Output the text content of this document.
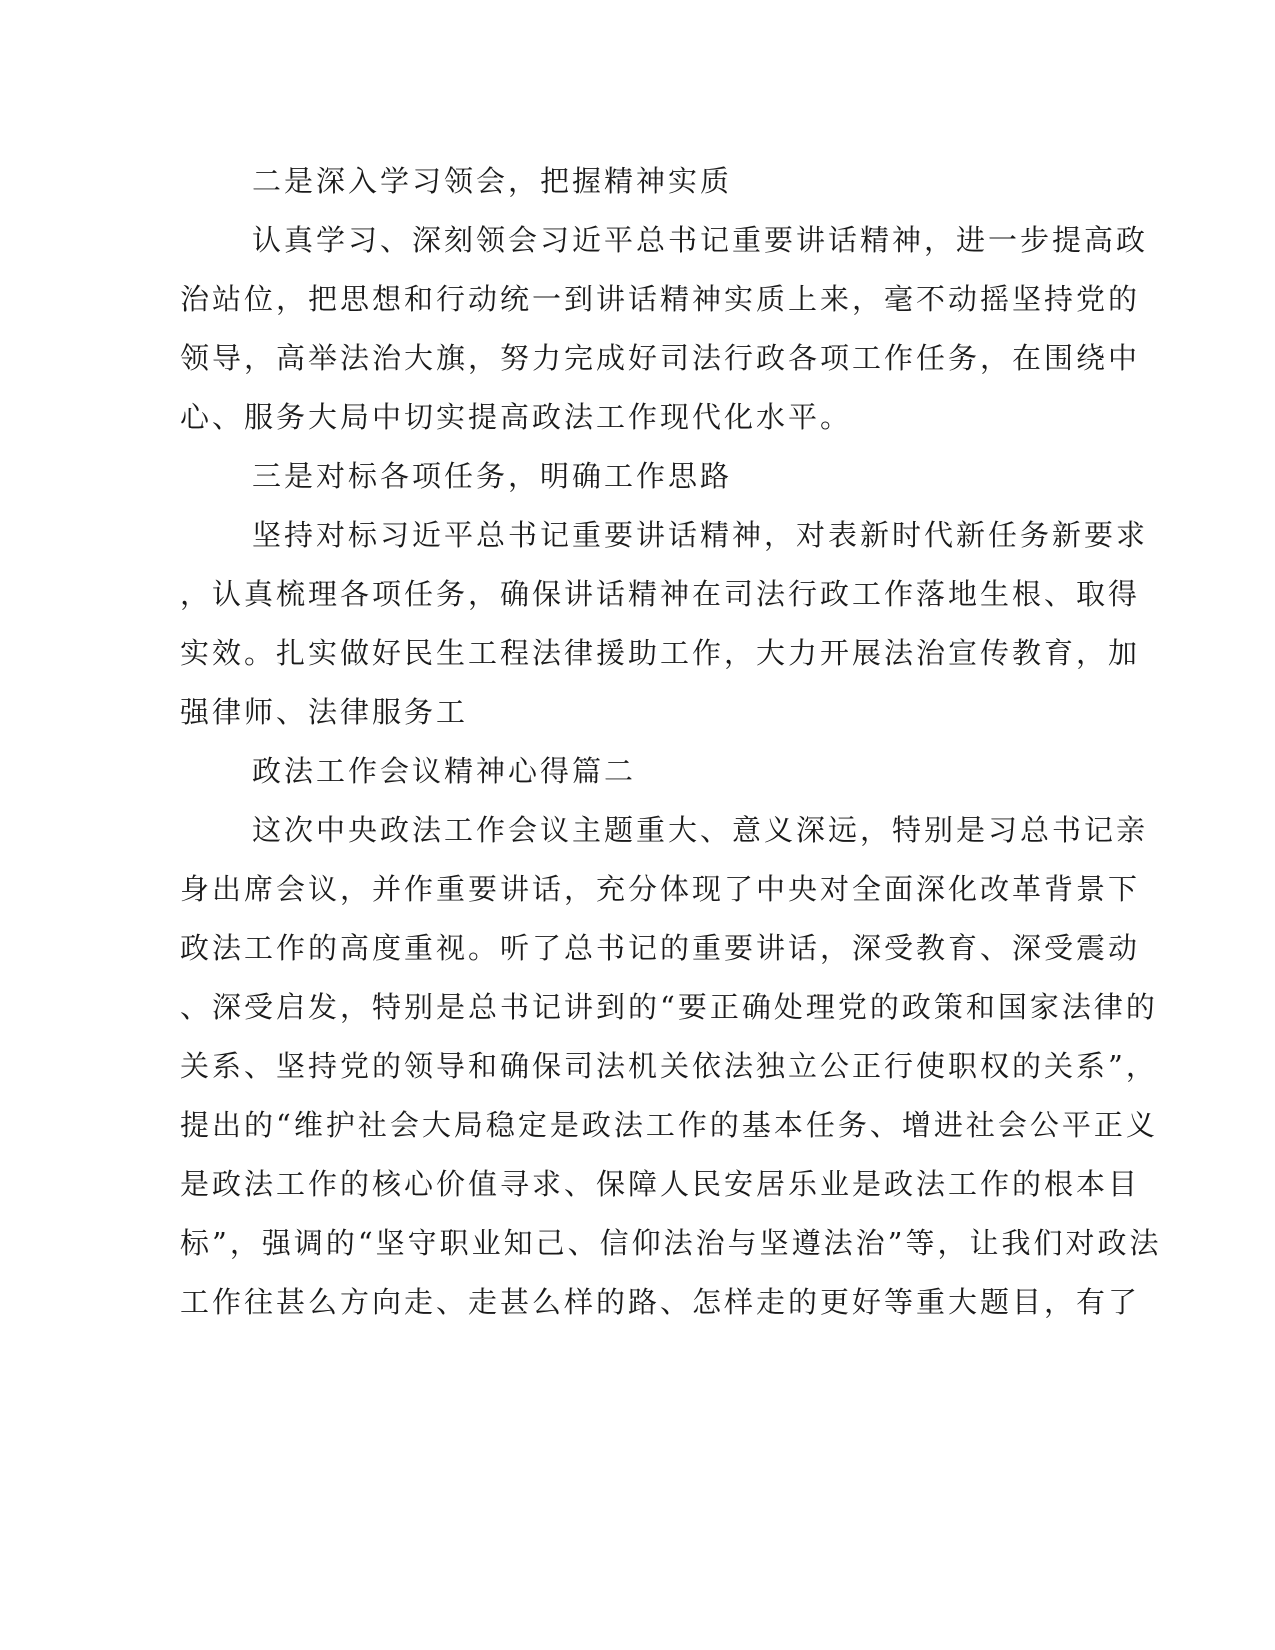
二是深入学习领会，把握精神实质

认真学习、深刻领会习近平总书记重要讲话精神，进一步提高政

治站位，把思想和行动统一到讲话精神实质上来，毫不动摇坚持党的

领导，高举法治大旗，努力完成好司法行政各项工作任务，在围绕中

心、服务大局中切实提高政法工作现代化水平。

三是对标各项任务，明确工作思路

坚持对标习近平总书记重要讲话精神，对表新时代新任务新要求

，认真梳理各项任务，确保讲话精神在司法行政工作落地生根、取得

实效。扎实做好民生工程法律援助工作，大力开展法治宣传教育，加

强律师、法律服务工

政法工作会议精神心得篇二

这次中央政法工作会议主题重大、意义深远，特别是习总书记亲

身出席会议，并作重要讲话，充分体现了中央对全面深化改革背景下

政法工作的高度重视。听了总书记的重要讲话，深受教育、深受震动

、深受启发，特别是总书记讲到的“要正确处理党的政策和国家法律的

关系、坚持党的领导和确保司法机关依法独立公正行使职权的关系”，

提出的“维护社会大局稳定是政法工作的基本任务、增进社会公平正义

是政法工作的核心价值寻求、保障人民安居乐业是政法工作的根本目

标”，强调的“坚守职业知己、信仰法治与坚遵法治”等，让我们对政法

工作往甚么方向走、走甚么样的路、怎样走的更好等重大题目，有了
